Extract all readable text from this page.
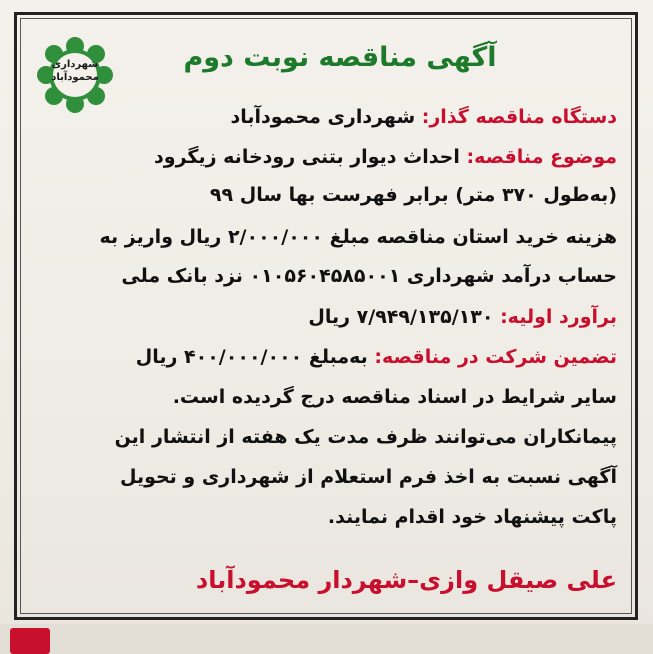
شهرداری
محمودآباد
آگهی مناقصه نوبت دوم
دستگاه مناقصه گذار: شهرداری محمودآباد
موضوع مناقصه: احداث دیوار بتنی رودخانه زیگرود
(به‌طول ۳۷۰ متر) برابر فهرست بها سال ۹۹
هزینه خرید استان مناقصه مبلغ ۲/۰۰۰/۰۰۰ ریال واریز به
حساب درآمد شهرداری ۰۱۰۵۶۰۴۵۸۵۰۰۱ نزد بانک ملی
برآورد اولیه: ۷/۹۴۹/۱۳۵/۱۳۰ ریال
تضمین شرکت در مناقصه: به‌مبلغ ۴۰۰/۰۰۰/۰۰۰ ریال
سایر شرایط در اسناد مناقصه درج گردیده است.
پیمانکاران می‌توانند ظرف مدت یک هفته از انتشار این
آگهی نسبت به اخذ فرم استعلام از شهرداری و تحویل
پاکت پیشنهاد خود اقدام نمایند.
علی صیقل وازی–شهردار محمودآباد
